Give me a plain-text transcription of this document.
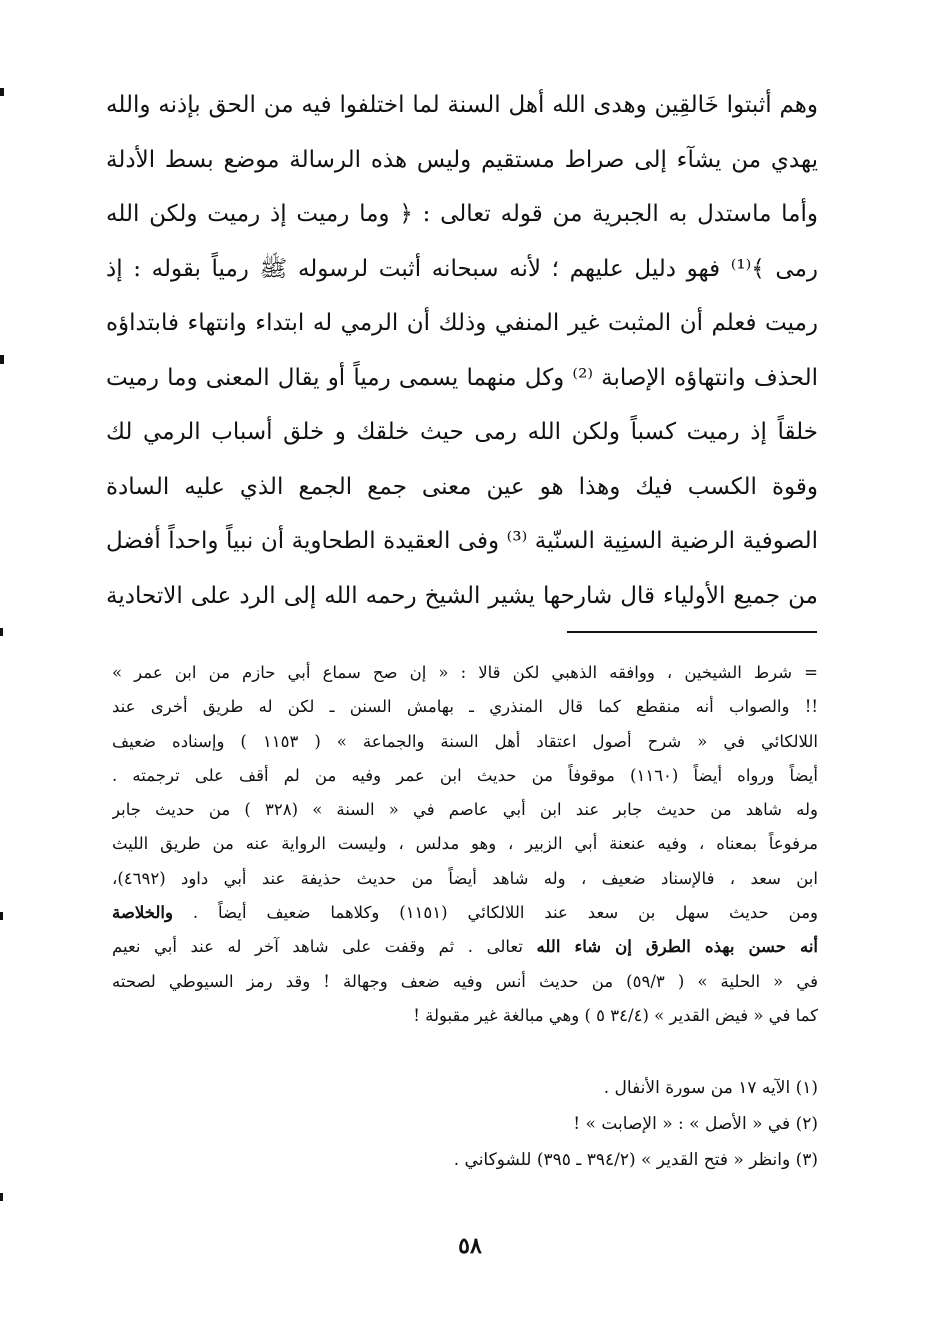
وهم أثبتوا خَالقِين وهدى الله أهل السنة لما اختلفوا فيه من الحق بإذنه والله
يهدي من يشآء إلى صراط مستقيم وليس هذه الرسالة موضع بسط الأدلة
وأما ماستدل به الجبرية من قوله تعالى : ﴿ وما رميت إذ رميت ولكن الله
رمى ﴾⁽¹⁾ فهو دليل عليهم ؛ لأنه سبحانه أثبت لرسوله ﷺ رمياً بقوله : إذ
رميت فعلم أن المثبت غير المنفي وذلك أن الرمي له ابتداء وانتهاء فابتداؤه
الحذف وانتهاؤه الإصابة ⁽²⁾ وكل منهما يسمى رمياً أو يقال المعنى وما رميت
خلقاً إذ رميت كسباً ولكن الله رمى حيث خلقك و خلق أسباب الرمي لك
وقوة الكسب فيك وهذا هو عين معنى جمع الجمع الذي عليه السادة
الصوفية الرضية السنِية السنّية ⁽³⁾ وفى العقيدة الطحاوية أن نبياً واحداً أفضل
من جميع الأولياء قال شارحها يشير الشيخ رحمه الله إلى الرد على الاتحادية
= شرط الشيخين ، ووافقه الذهبي لكن قالا : « إن صح سماع أبي حازم من ابن عمر »
!! والصواب أنه منقطع كما قال المنذري ـ بهامش السنن ـ لكن له طريق أخرى عند
اللالكائي في « شرح أصول اعتقاد أهل السنة والجماعة » ( ١١٥٣ ) وإسناده ضعيف
أيضاً ورواه أيضاً (١١٦٠) موقوفاً من حديث ابن عمر وفيه من لم أقف على ترجمته .
وله شاهد من حديث جابر عند ابن أبي عاصم في « السنة » (٣٢٨ ) من حديث جابر
مرفوعاً بمعناه ، وفيه عنعنة أبي الزبير ، وهو مدلس ، وليست الرواية عنه من طريق الليث
ابن سعد ، فالإسناد ضعيف ، وله شاهد أيضاً من حديث حذيفة عند أبي داود (٤٦٩٢)،
ومن حديث سهل بن سعد عند اللالكائي (١١٥١) وكلاهما ضعيف أيضاً . والخلاصة
أنه حسن بهذه الطرق إن شاء الله تعالى . ثم وقفت على شاهد آخر له عند أبي نعيم
في « الحلية » ( ٥٩/٣) من حديث أنس وفيه ضعف وجهالة ! وقد رمز السيوطي لصحته
كما في « فيض القدير » (٣٤/٤ ٥ ) وهي مبالغة غير مقبولة !
(١) الآيه ١٧ من سورة الأنفال .
(٢) في « الأصل » : « الإصابت » !
(٣) وانظر « فتح القدير » (٣٩٤/٢ ـ ٣٩٥) للشوكاني .
٥٨
